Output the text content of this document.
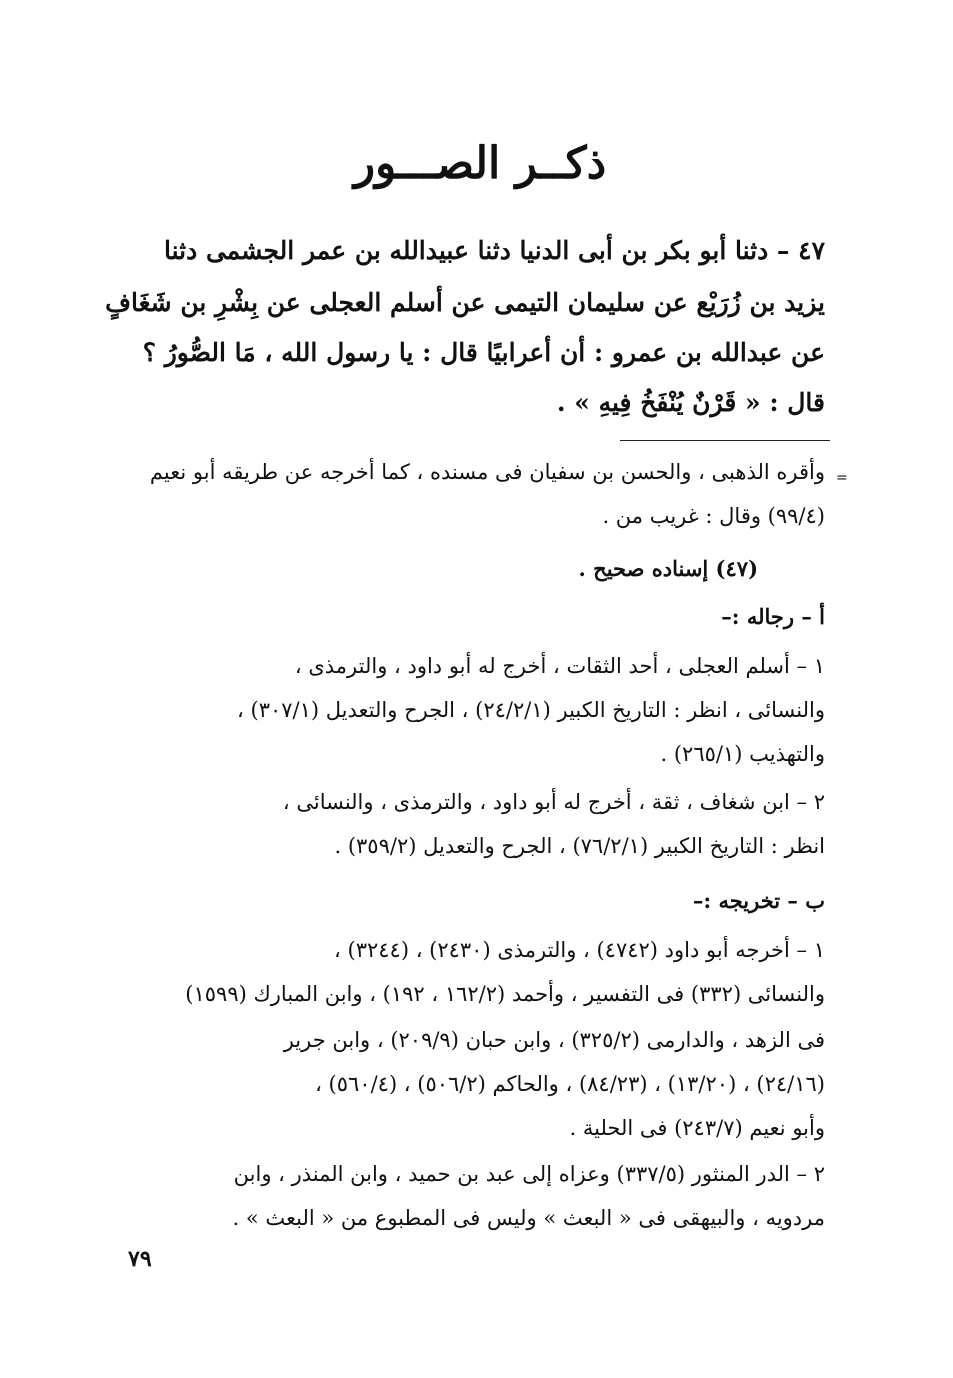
ذكــر الصـــور
٤٧ – دثنا أبو بكر بن أبى الدنيا دثنا عبيدالله بن عمر الجشمى دثنا
يزيد بن زُرَيْع عن سليمان التيمى عن أسلم العجلى عن بِشْرِ بن شَغَافٍ
عن عبدالله بن عمرو : أن أعرابيًا قال : يا رسول الله ، مَا الصُّورُ ؟
قال : « قَرْنٌ يُنْفَخُ فِيهِ » .
=
وأقره الذهبى ، والحسن بن سفيان فى مسنده ، كما أخرجه عن طريقه أبو نعيم
(٩٩/٤) وقال : غريب من .
(٤٧) إسناده صحيح .
أ – رجاله :–
١ – أسلم العجلى ، أحد الثقات ، أخرج له أبو داود ، والترمذى ،
والنسائى ، انظر : التاريخ الكبير (٢٤/٢/١) ، الجرح والتعديل (٣٠٧/١) ،
والتهذيب (٢٦٥/١) .
٢ – ابن شغاف ، ثقة ، أخرج له أبو داود ، والترمذى ، والنسائى ،
انظر : التاريخ الكبير (٧٦/٢/١) ، الجرح والتعديل (٣٥٩/٢) .
ب – تخريجه :–
١ – أخرجه أبو داود (٤٧٤٢) ، والترمذى (٢٤٣٠) ، (٣٢٤٤) ،
والنسائى (٣٣٢) فى التفسير ، وأحمد (١٦٢/٢ ، ١٩٢) ، وابن المبارك (١٥٩٩)
فى الزهد ، والدارمى (٣٢٥/٢) ، وابن حبان (٢٠٩/٩) ، وابن جرير
(٢٤/١٦) ، (١٣/٢٠) ، (٨٤/٢٣) ، والحاكم (٥٠٦/٢) ، (٥٦٠/٤) ،
وأبو نعيم (٢٤٣/٧) فى الحلية .
٢ – الدر المنثور (٣٣٧/٥) وعزاه إلى عبد بن حميد ، وابن المنذر ، وابن
مردويه ، والبيهقى فى « البعث » وليس فى المطبوع من « البعث » .
٧٩
